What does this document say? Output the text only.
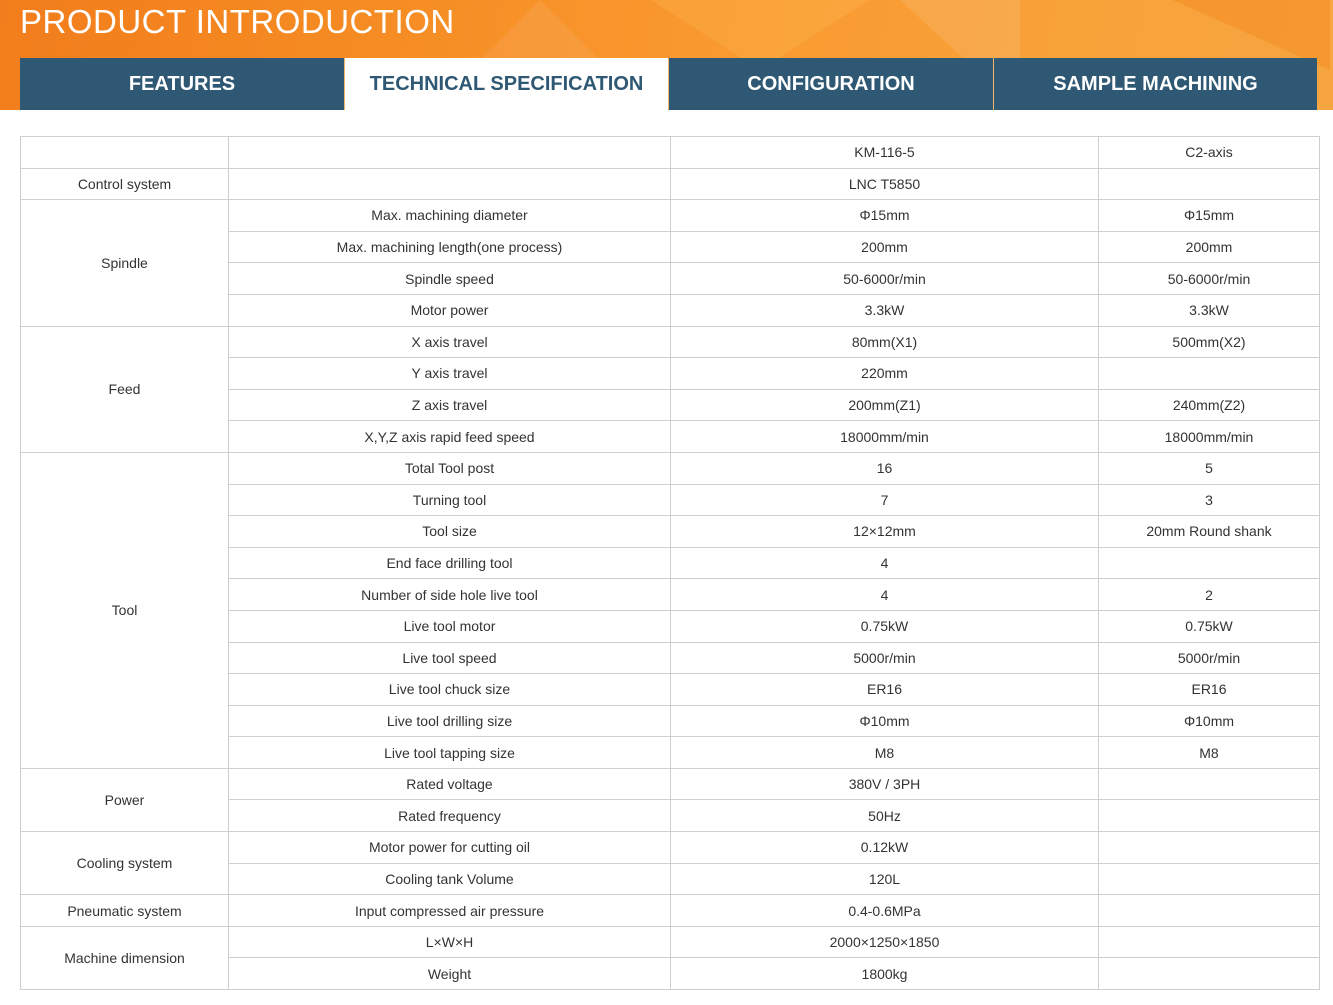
PRODUCT INTRODUCTION
FEATURES	TECHNICAL SPECIFICATION	CONFIGURATION	SAMPLE MACHINING
		KM-116-5	C2-axis
Control system		LNC T5850	
Spindle	Max. machining diameter	Φ15mm	Φ15mm
	Max. machining length(one process)	200mm	200mm
	Spindle speed	50-6000r/min	50-6000r/min
	Motor power	3.3kW	3.3kW
Feed	X axis travel	80mm(X1)	500mm(X2)
	Y axis travel	220mm	
	Z axis travel	200mm(Z1)	240mm(Z2)
	X,Y,Z axis rapid feed speed	18000mm/min	18000mm/min
Tool	Total Tool post	16	5
	Turning tool	7	3
	Tool size	12×12mm	20mm Round shank
	End face drilling tool	4	
	Number of side hole live tool	4	2
	Live tool motor	0.75kW	0.75kW
	Live tool speed	5000r/min	5000r/min
	Live tool chuck size	ER16	ER16
	Live tool drilling size	Φ10mm	Φ10mm
	Live tool tapping size	M8	M8
Power	Rated voltage	380V / 3PH	
	Rated frequency	50Hz	
Cooling system	Motor power for cutting oil	0.12kW	
	Cooling tank Volume	120L	
Pneumatic system	Input compressed air pressure	0.4-0.6MPa	
Machine dimension	L×W×H	2000×1250×1850	
	Weight	1800kg	
